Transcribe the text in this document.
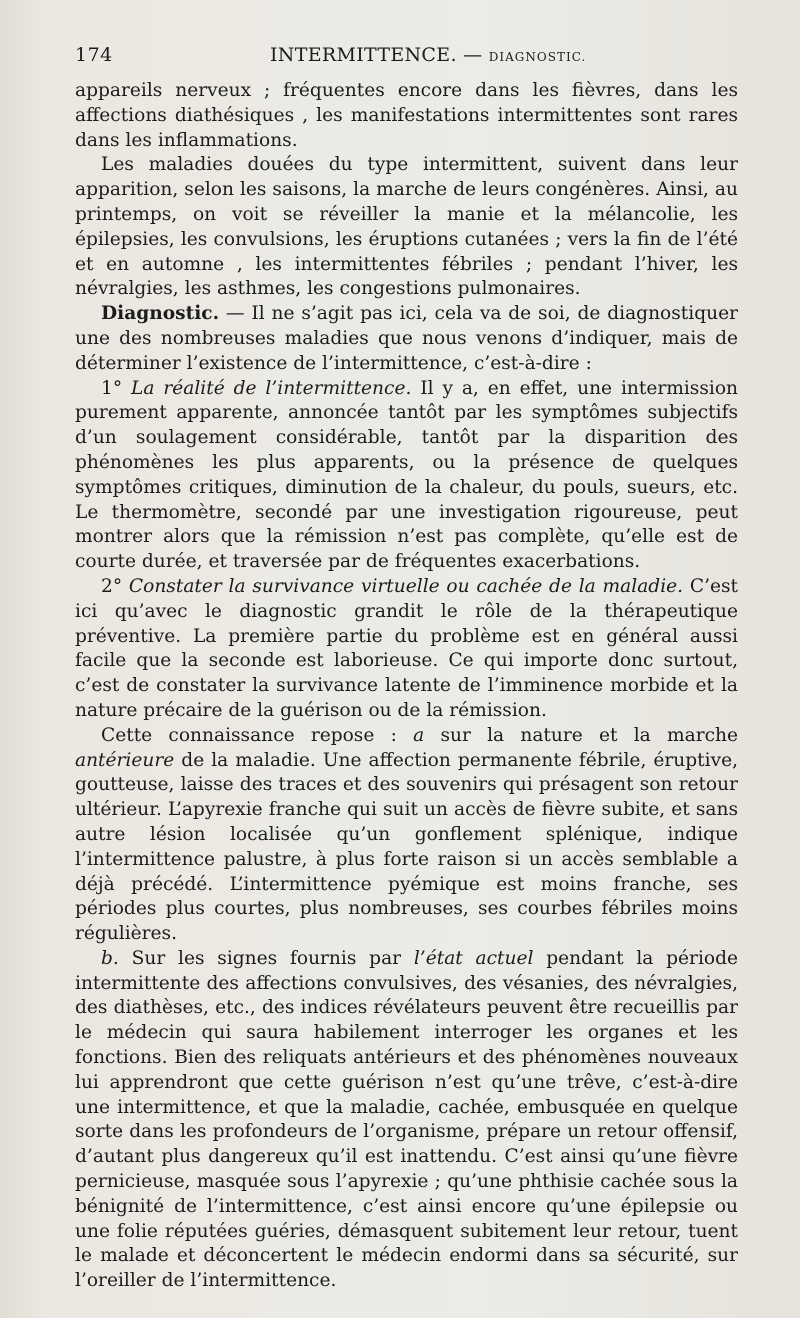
174	INTERMITTENCE. — DIAGNOSTIC.

appareils nerveux ; fréquentes encore dans les fièvres, dans les affections diathésiques , les manifestations intermittentes sont rares dans les inflammations.

Les maladies douées du type intermittent, suivent dans leur apparition, selon les saisons, la marche de leurs congénères. Ainsi, au printemps, on voit se réveiller la manie et la mélancolie, les épilepsies, les convulsions, les éruptions cutanées ; vers la fin de l’été et en automne , les intermittentes fébriles ; pendant l’hiver, les névralgies, les asthmes, les congestions pulmonaires.

Diagnostic. — Il ne s’agit pas ici, cela va de soi, de diagnostiquer une des nombreuses maladies que nous venons d’indiquer, mais de déterminer l’existence de l’intermittence, c’est-à-dire :

1° La réalité de l’intermittence. Il y a, en effet, une intermission purement apparente, annoncée tantôt par les symptômes subjectifs d’un soulagement considérable, tantôt par la disparition des phénomènes les plus apparents, ou la présence de quelques symptômes critiques, diminution de la chaleur, du pouls, sueurs, etc. Le thermomètre, secondé par une investigation rigoureuse, peut montrer alors que la rémission n’est pas complète, qu’elle est de courte durée, et traversée par de fréquentes exacerbations.

2° Constater la survivance virtuelle ou cachée de la maladie. C’est ici qu’avec le diagnostic grandit le rôle de la thérapeutique préventive. La première partie du problème est en général aussi facile que la seconde est laborieuse. Ce qui importe donc surtout, c’est de constater la survivance latente de l’imminence morbide et la nature précaire de la guérison ou de la rémission.

Cette connaissance repose : a sur la nature et la marche antérieure de la maladie. Une affection permanente fébrile, éruptive, goutteuse, laisse des traces et des souvenirs qui présagent son retour ultérieur. L’apyrexie franche qui suit un accès de fièvre subite, et sans autre lésion localisée qu’un gonflement splénique, indique l’intermittence palustre, à plus forte raison si un accès semblable a déjà précédé. L’intermittence pyémique est moins franche, ses périodes plus courtes, plus nombreuses, ses courbes fébriles moins régulières.

b. Sur les signes fournis par l’état actuel pendant la période intermittente des affections convulsives, des vésanies, des névralgies, des diathèses, etc., des indices révélateurs peuvent être recueillis par le médecin qui saura habilement interroger les organes et les fonctions. Bien des reliquats antérieurs et des phénomènes nouveaux lui apprendront que cette guérison n’est qu’une trêve, c’est-à-dire une intermittence, et que la maladie, cachée, embusquée en quelque sorte dans les profondeurs de l’organisme, prépare un retour offensif, d’autant plus dangereux qu’il est inattendu. C’est ainsi qu’une fièvre pernicieuse, masquée sous l’apyrexie ; qu’une phthisie cachée sous la bénignité de l’intermittence, c’est ainsi encore qu’une épilepsie ou une folie réputées guéries, démasquent subitement leur retour, tuent le malade et déconcertent le médecin endormi dans sa sécurité, sur l’oreiller de l’intermittence.
